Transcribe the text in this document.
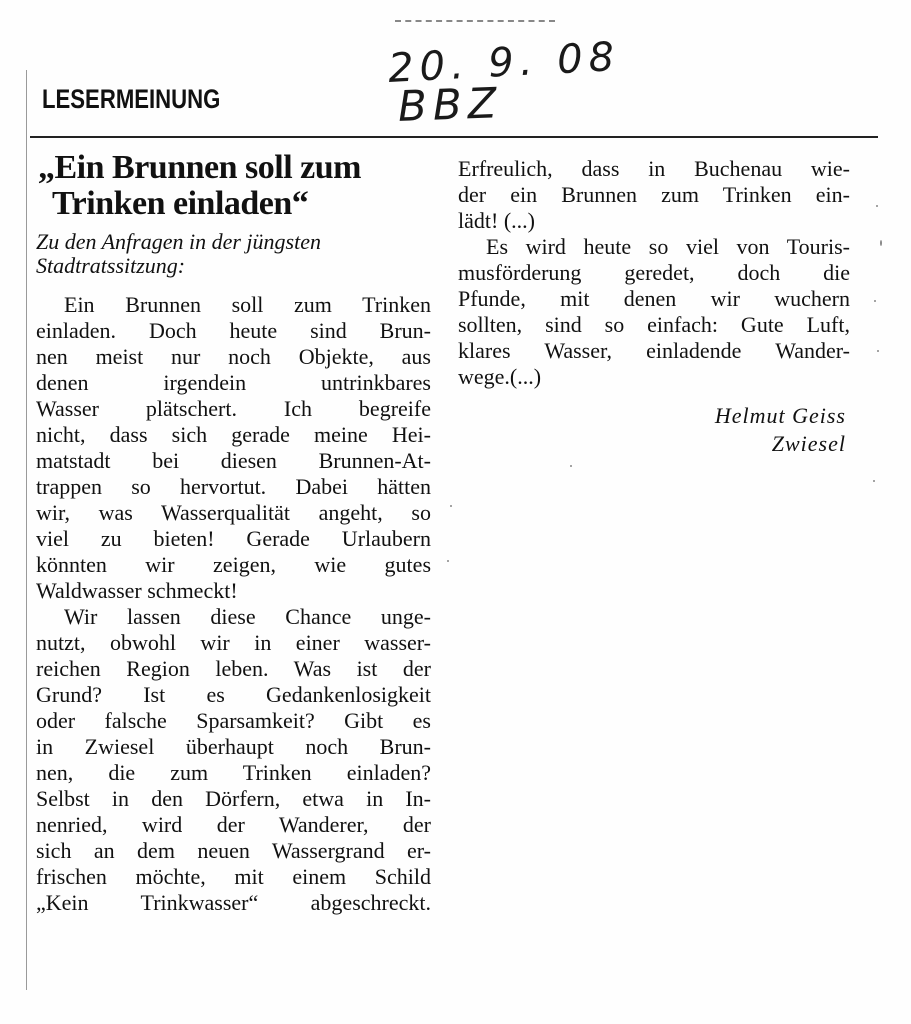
20. 9. 08
BBZ
LESERMEINUNG
„Ein Brunnen soll zum
Trinken einladen“
Zu den Anfragen in der jüngsten
Stadtratssitzung:

Ein Brunnen soll zum Trinken
einladen. Doch heute sind Brun-
nen meist nur noch Objekte, aus
denen irgendein untrinkbares
Wasser plätschert. Ich begreife
nicht, dass sich gerade meine Hei-
matstadt bei diesen Brunnen-At-
trappen so hervortut. Dabei hätten
wir, was Wasserqualität angeht, so
viel zu bieten! Gerade Urlaubern
könnten wir zeigen, wie gutes
Waldwasser schmeckt!

Wir lassen diese Chance unge-
nutzt, obwohl wir in einer wasser-
reichen Region leben. Was ist der
Grund? Ist es Gedankenlosigkeit
oder falsche Sparsamkeit? Gibt es
in Zwiesel überhaupt noch Brun-
nen, die zum Trinken einladen?
Selbst in den Dörfern, etwa in In-
nenried, wird der Wanderer, der
sich an dem neuen Wassergrand er-
frischen möchte, mit einem Schild
„Kein Trinkwasser“ abgeschreckt.

Erfreulich, dass in Buchenau wie-
der ein Brunnen zum Trinken ein-
lädt! (...)

Es wird heute so viel von Touris-
musförderung geredet, doch die
Pfunde, mit denen wir wuchern
sollten, sind so einfach: Gute Luft,
klares Wasser, einladende Wander-
wege.(...)

Helmut Geiss
Zwiesel
